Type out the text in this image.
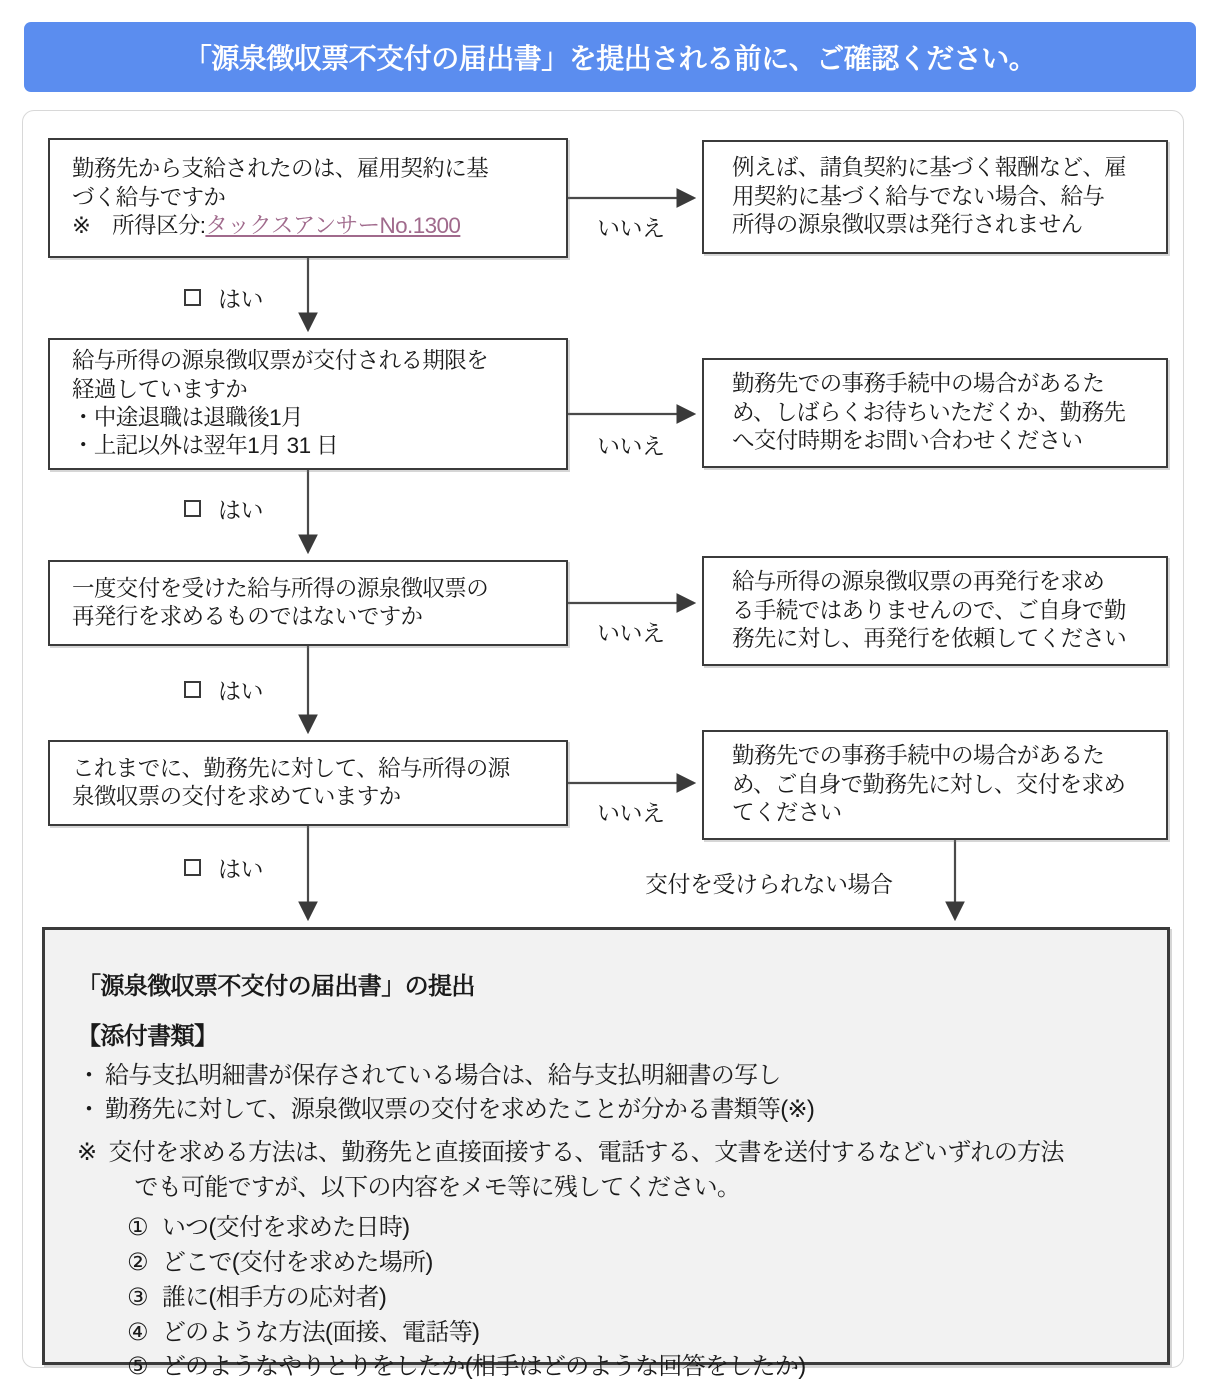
「源泉徴収票不交付の届出書」を提出される前に、ご確認ください。
勤務先から支給されたのは、雇用契約に基
づく給与ですか
※　所得区分:タックスアンサーNo.1300
給与所得の源泉徴収票が交付される期限を
経過していますか
・中途退職は退職後1月
・上記以外は翌年1月 31 日
一度交付を受けた給与所得の源泉徴収票の
再発行を求めるものではないですか
これまでに、勤務先に対して、給与所得の源
泉徴収票の交付を求めていますか
例えば、請負契約に基づく報酬など、雇
用契約に基づく給与でない場合、給与
所得の源泉徴収票は発行されません
勤務先での事務手続中の場合があるた
め、しばらくお待ちいただくか、勤務先
へ交付時期をお問い合わせください
給与所得の源泉徴収票の再発行を求め
る手続ではありませんので、ご自身で勤
務先に対し、再発行を依頼してください
勤務先での事務手続中の場合があるた
め、ご自身で勤務先に対し、交付を求め
てください
いいえ
いいえ
いいえ
いいえ
はい
はい
はい
はい
交付を受けられない場合
「源泉徴収票不交付の届出書」の提出
【添付書類】
・ 給与支払明細書が保存されている場合は、給与支払明細書の写し
・ 勤務先に対して、源泉徴収票の交付を求めたことが分かる書類等(※)
※ 交付を求める方法は、勤務先と直接面接する、電話する、文書を送付するなどいずれの方法
でも可能ですが、以下の内容をメモ等に残してください。
① いつ(交付を求めた日時)
② どこで(交付を求めた場所)
③ 誰に(相手方の応対者)
④ どのような方法(面接、電話等)
⑤ どのようなやりとりをしたか(相手はどのような回答をしたか)
